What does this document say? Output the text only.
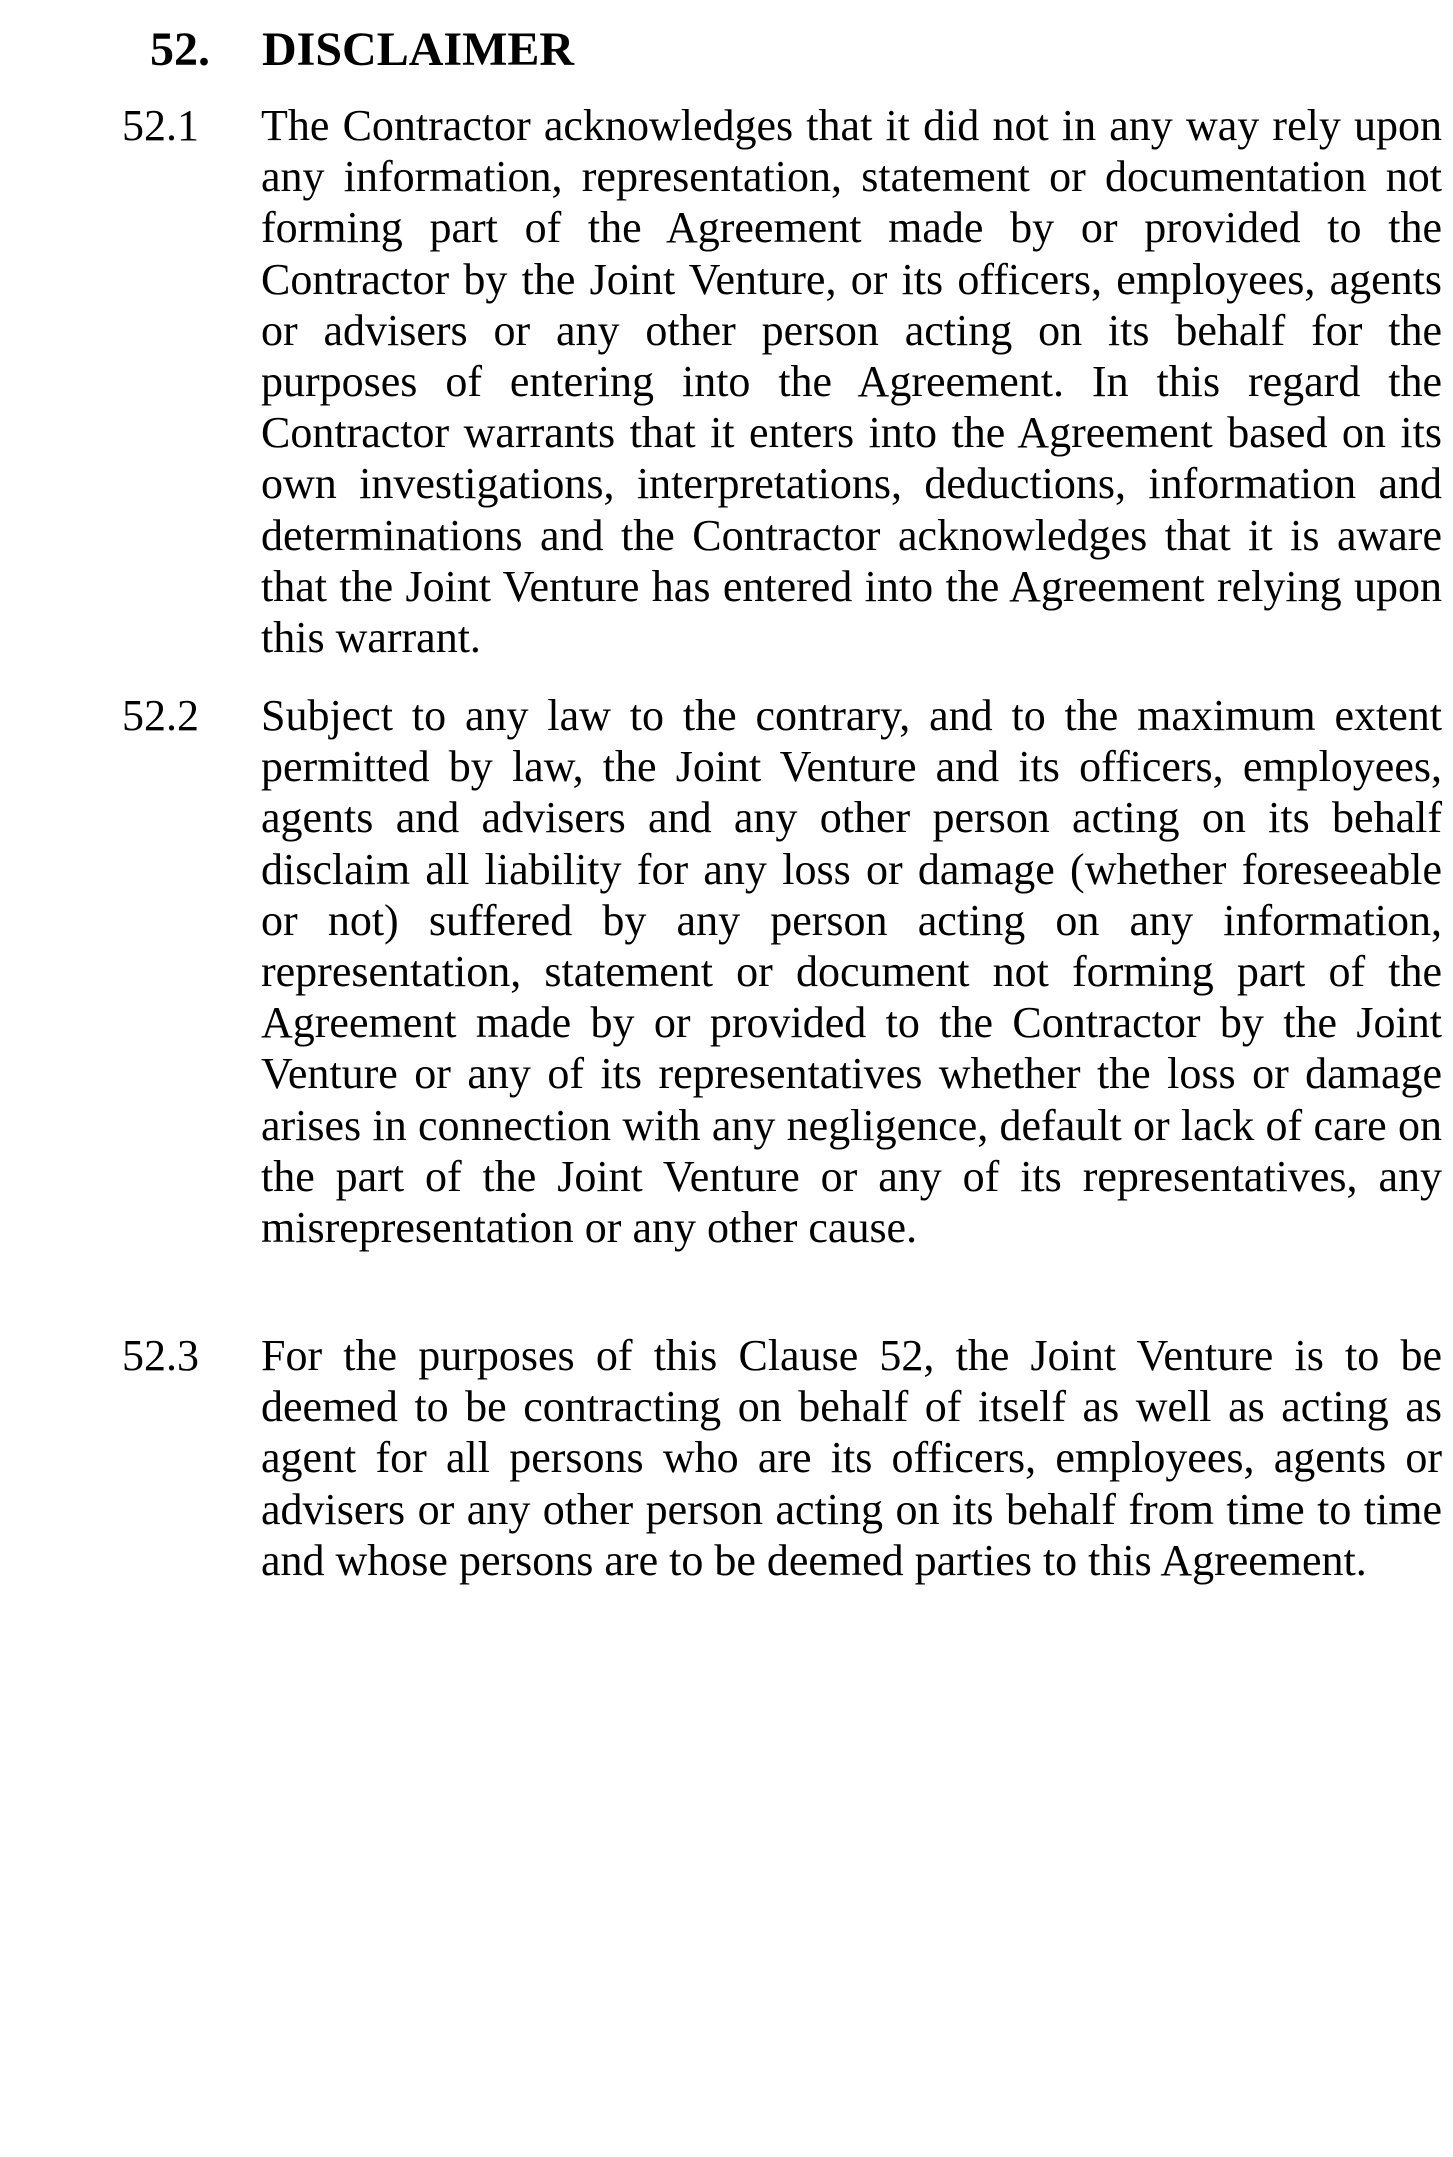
52. DISCLAIMER
52.1 The Contractor acknowledges that it did not in any way rely upon any information, representation, statement or documentation not forming part of the Agreement made by or provided to the Contractor by the Joint Venture, or its officers, employees, agents or advisers or any other person acting on its behalf for the purposes of entering into the Agreement. In this regard the Contractor warrants that it enters into the Agreement based on its own investigations, interpretations, deductions, information and determinations and the Contractor acknowledges that it is aware that the Joint Venture has entered into the Agreement relying upon this warrant.

52.2 Subject to any law to the contrary, and to the maximum extent permitted by law, the Joint Venture and its officers, employees, agents and advisers and any other person acting on its behalf disclaim all liability for any loss or damage (whether foreseeable or not) suffered by any person acting on any information, representation, statement or document not forming part of the Agreement made by or provided to the Contractor by the Joint Venture or any of its representatives whether the loss or damage arises in connection with any negligence, default or lack of care on the part of the Joint Venture or any of its representatives, any misrepresentation or any other cause.

52.3 For the purposes of this Clause 52, the Joint Venture is to be deemed to be contracting on behalf of itself as well as acting as agent for all persons who are its officers, employees, agents or advisers or any other person acting on its behalf from time to time and whose persons are to be deemed parties to this Agreement.
